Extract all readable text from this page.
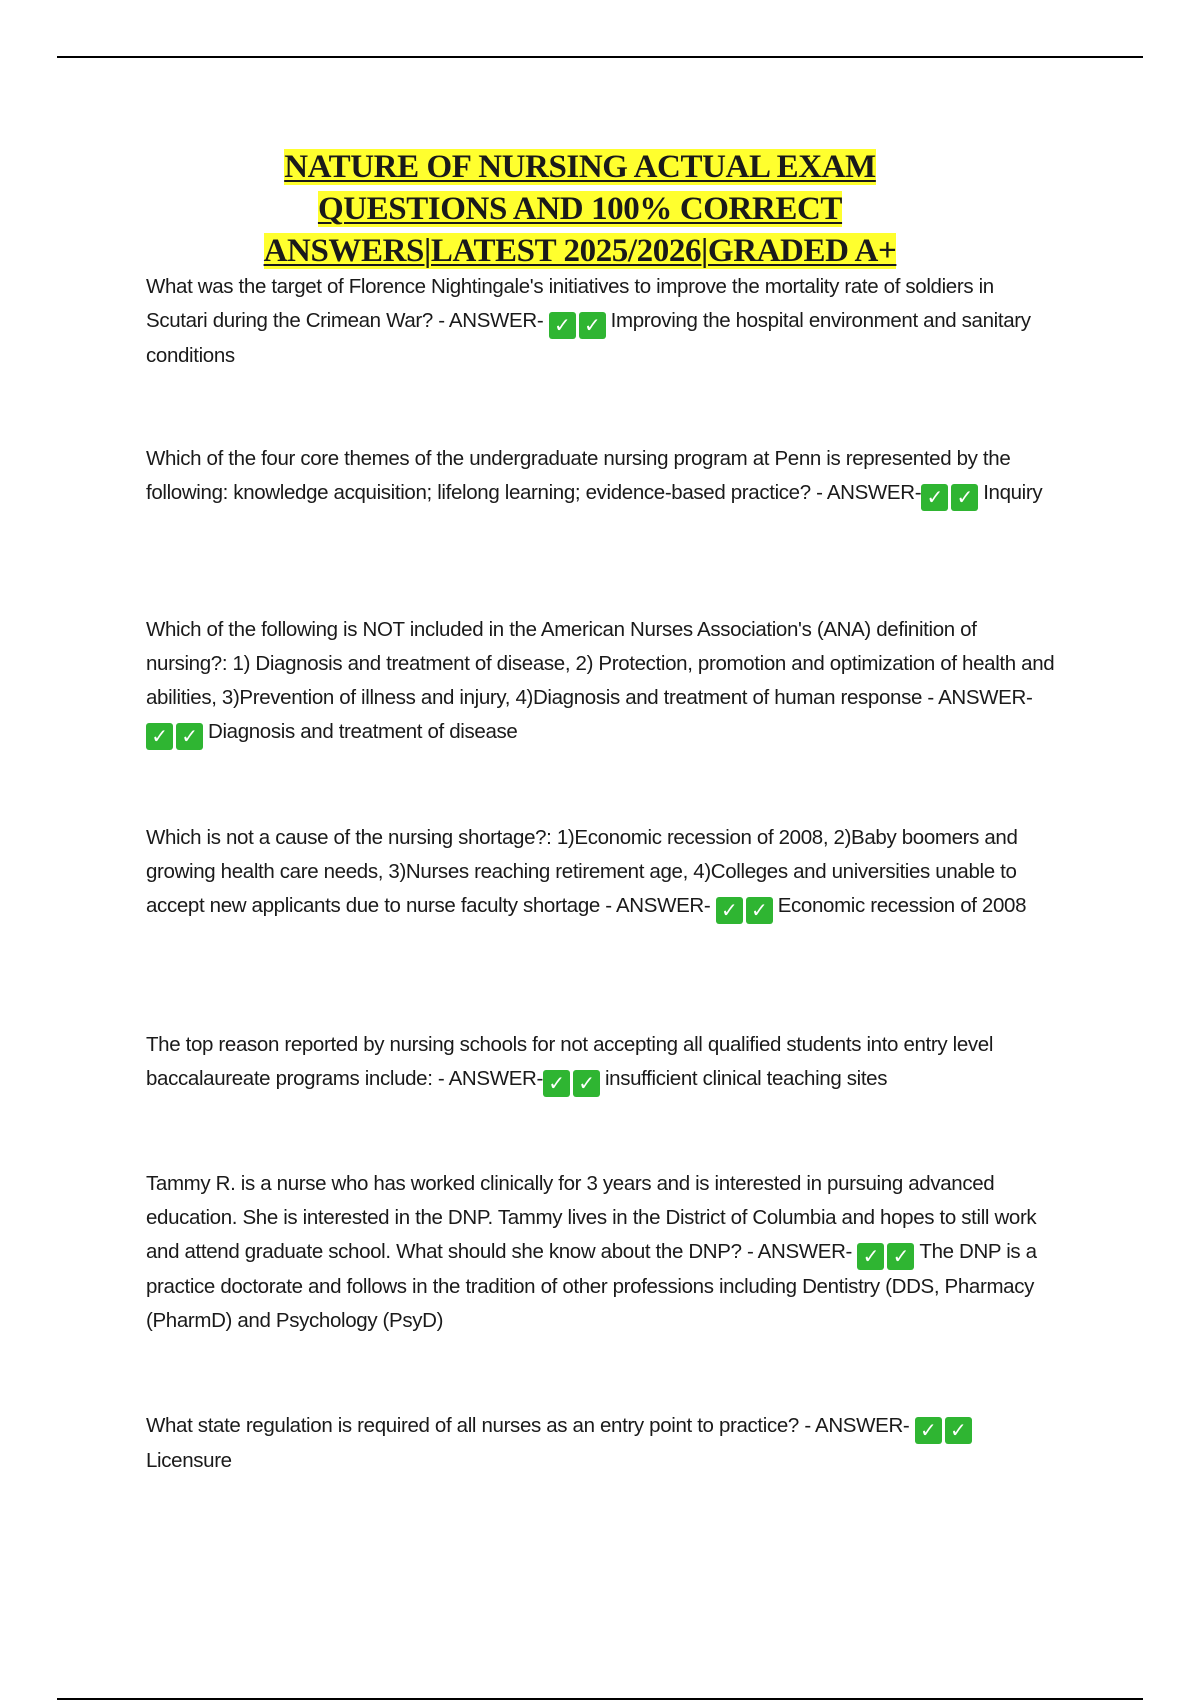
NATURE OF NURSING ACTUAL EXAM
QUESTIONS AND 100% CORRECT
ANSWERS|LATEST 2025/2026|GRADED A+
What was the target of Florence Nightingale's initiatives to improve the mortality rate of soldiers in Scutari during the Crimean War? - ANSWER- ✓ ✓ Improving the hospital environment and sanitary conditions
Which of the four core themes of the undergraduate nursing program at Penn is represented by the following: knowledge acquisition; lifelong learning; evidence-based practice? - ANSWER- ✓ ✓ Inquiry
Which of the following is NOT included in the American Nurses Association's (ANA) definition of nursing?: 1) Diagnosis and treatment of disease, 2) Protection, promotion and optimization of health and abilities, 3)Prevention of illness and injury, 4)Diagnosis and treatment of human response - ANSWER-✓ ✓ Diagnosis and treatment of disease
Which is not a cause of the nursing shortage?: 1)Economic recession of 2008, 2)Baby boomers and growing health care needs, 3)Nurses reaching retirement age, 4)Colleges and universities unable to accept new applicants due to nurse faculty shortage - ANSWER- ✓ ✓ Economic recession of 2008
The top reason reported by nursing schools for not accepting all qualified students into entry level baccalaureate programs include: - ANSWER- ✓ ✓ insufficient clinical teaching sites
Tammy R. is a nurse who has worked clinically for 3 years and is interested in pursuing advanced education. She is interested in the DNP. Tammy lives in the District of Columbia and hopes to still work and attend graduate school. What should she know about the DNP? - ANSWER- ✓ ✓ The DNP is a practice doctorate and follows in the tradition of other professions including Dentistry (DDS, Pharmacy (PharmD) and Psychology (PsyD)
What state regulation is required of all nurses as an entry point to practice? - ANSWER- ✓ ✓Licensure
